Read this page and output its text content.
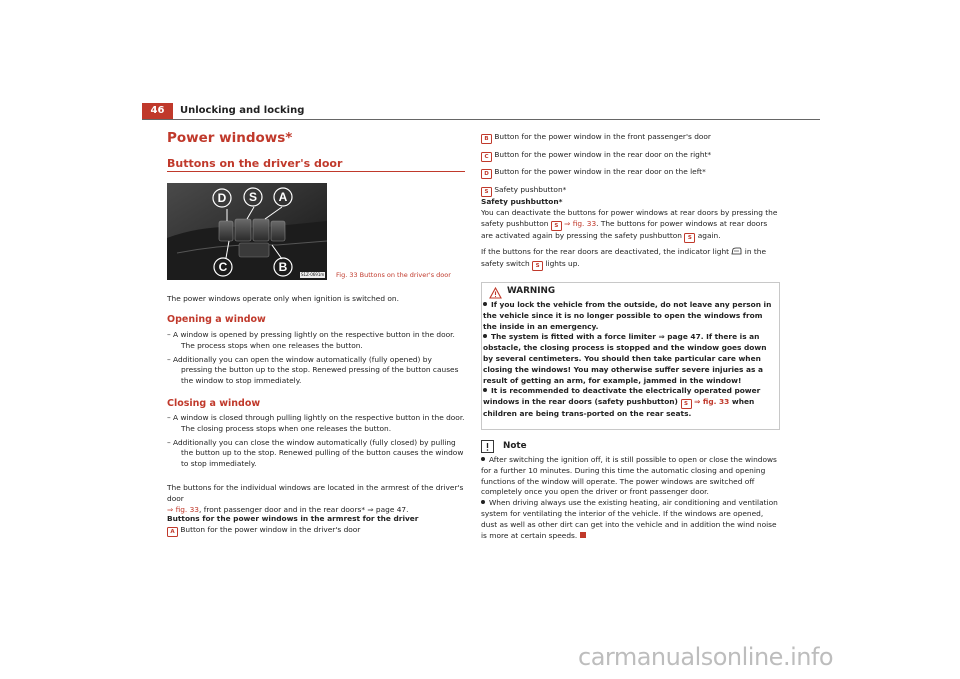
46	Unlocking and locking
Power windows*
Buttons on the driver's door
D S A
C	B
S1Z-0691m Fig. 33 Buttons on the driver's door
The power windows operate only when ignition is switched on.
Opening a window
– A window is opened by pressing lightly on the respective button in the door. The process stops when one releases the button.
– Additionally you can open the window automatically (fully opened) by pressing the button up to the stop. Renewed pressing of the button causes the window to stop immediately.
Closing a window
– A window is closed through pulling lightly on the respective button in the door. The closing process stops when one releases the button.
– Additionally you can close the window automatically (fully closed) by pulling the button up to the stop. Renewed pulling of the button causes the window to stop immediately.
The buttons for the individual windows are located in the armrest of the driver's door
⇒ fig. 33, front passenger door and in the rear doors* ⇒ page 47.
Buttons for the power windows in the armrest for the driver
A Button for the power window in the driver's door
B Button for the power window in the front passenger's door
C Button for the power window in the rear door on the right*
D Button for the power window in the rear door on the left*
S Safety pushbutton*
Safety pushbutton*
You can deactivate the buttons for power windows at rear doors by pressing the safety pushbutton S ⇒ fig. 33. The buttons for power windows at rear doors are activated again by pressing the safety pushbutton S again.
If the buttons for the rear doors are deactivated, the indicator light in the safety switch S lights up.
WARNING
If you lock the vehicle from the outside, do not leave any person in the vehicle since it is no longer possible to open the windows from the inside in an emergency.
The system is fitted with a force limiter ⇒ page 47. If there is an obstacle, the closing process is stopped and the window goes down by several centimeters. You should then take particular care when closing the windows! You may otherwise suffer severe injuries as a result of getting an arm, for example, jammed in the window!
It is recommended to deactivate the electrically operated power windows in the rear doors (safety pushbutton) S ⇒ fig. 33 when children are being trans-ported on the rear seats.
Note
After switching the ignition off, it is still possible to open or close the windows for a further 10 minutes. During this time the automatic closing and opening functions of the window will operate. The power windows are switched off completely once you open the driver or front passenger door.
When driving always use the existing heating, air conditioning and ventilation system for ventilating the interior of the vehicle. If the windows are opened, dust as well as other dirt can get into the vehicle and in addition the wind noise is more at certain speeds.
carmanualsonline.info
